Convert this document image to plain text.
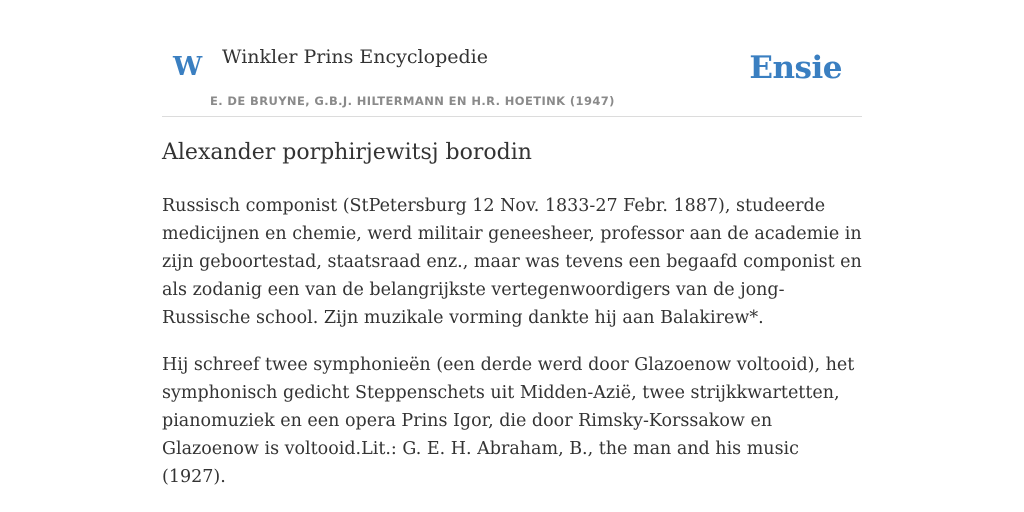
W Winkler Prins Encyclopedie
E. DE BRUYNE, G.B.J. HILTERMANN EN H.R. HOETINK (1947)
Ensie
Alexander porphirjewitsj borodin

Russisch componist (StPetersburg 12 Nov. 1833-27 Febr. 1887), studeerde medicijnen en chemie, werd militair geneesheer, professor aan de academie in zijn geboortestad, staatsraad enz., maar was tevens een begaafd componist en als zodanig een van de belangrijkste vertegenwoordigers van de jong-Russische school. Zijn muzikale vorming dankte hij aan Balakirew*.

Hij schreef twee symphonieën (een derde werd door Glazoenow voltooid), het symphonisch gedicht Steppenschets uit Midden-Azië, twee strijkkwartetten, pianomuziek en een opera Prins Igor, die door Rimsky-Korssakow en Glazoenow is voltooid.Lit.: G. E. H. Abraham, B., the man and his music (1927).
